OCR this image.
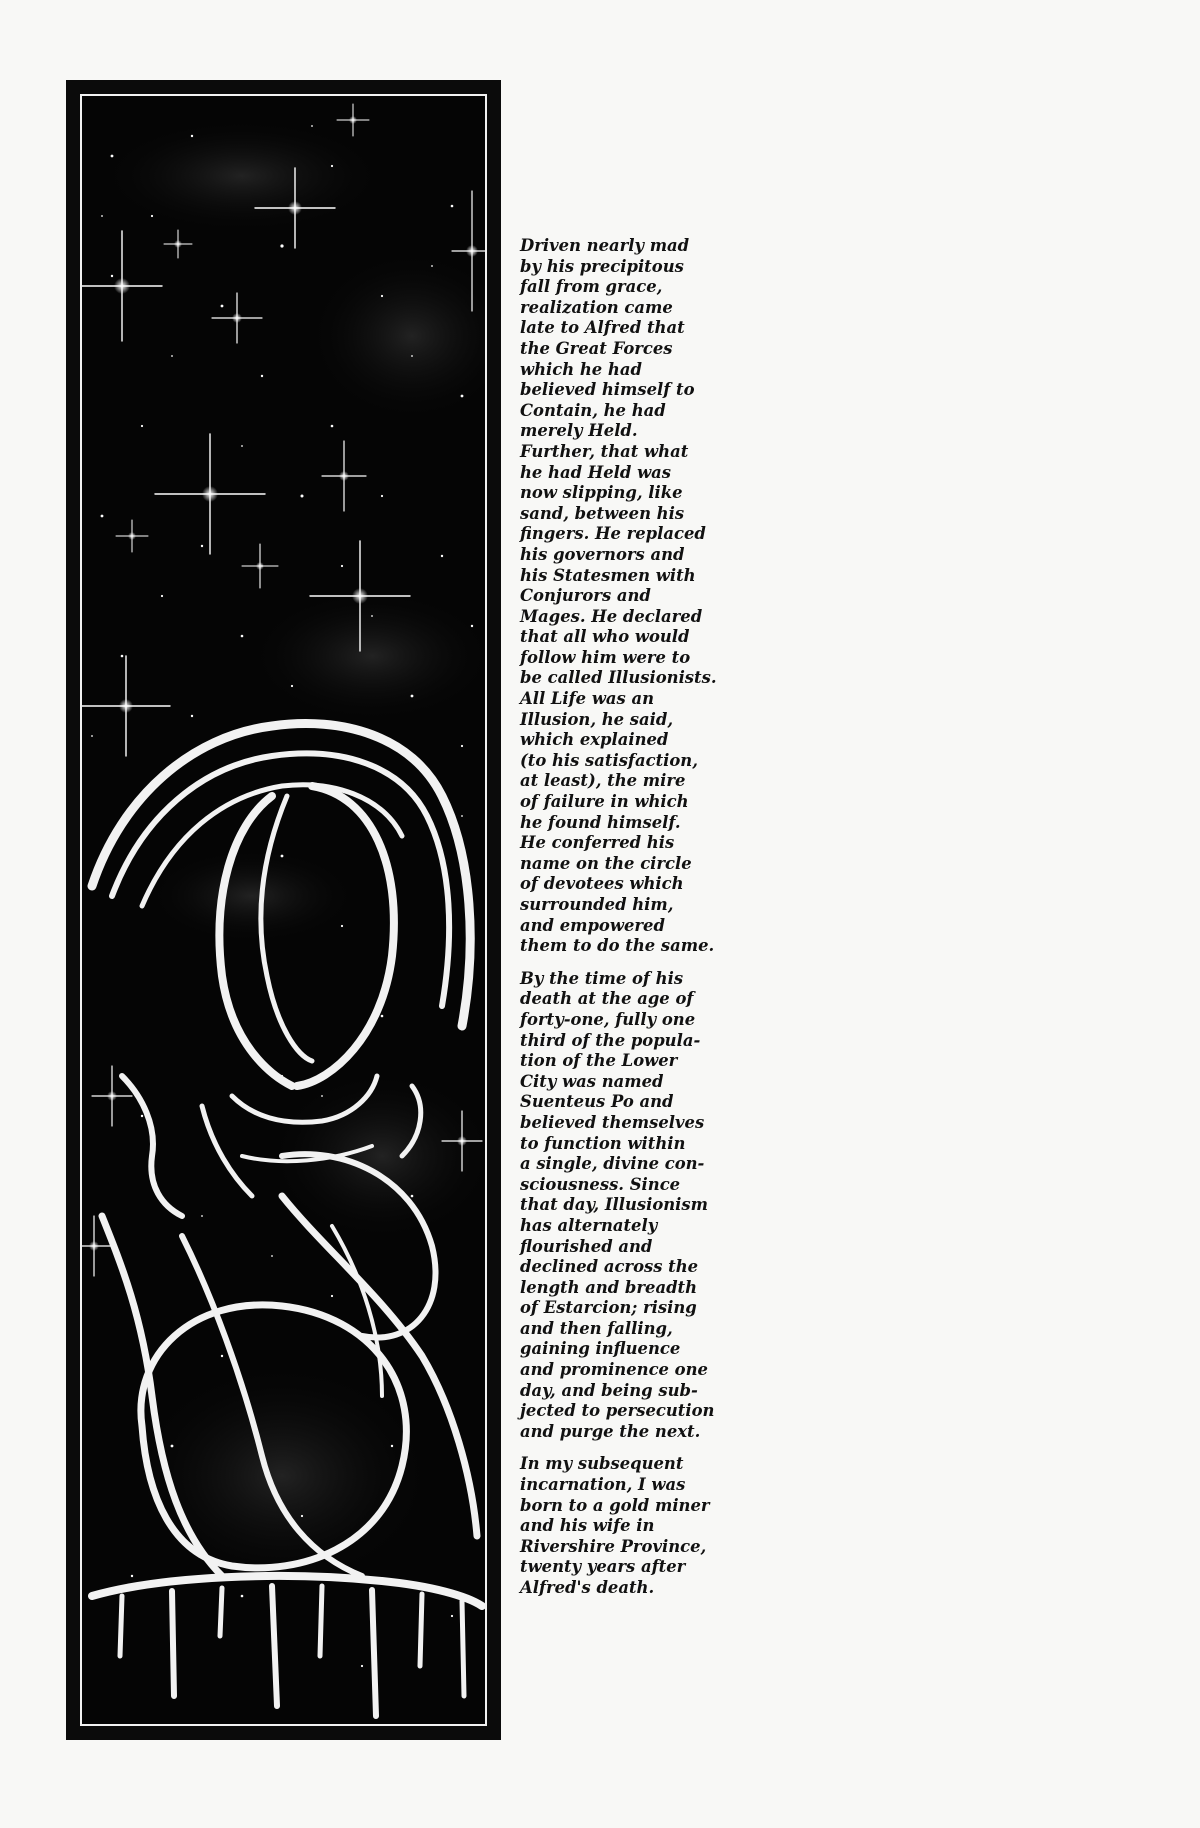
Driven nearly mad
by his precipitous
fall from grace,
realization came
late to Alfred that
the Great Forces
which he had
believed himself to
Contain, he had
merely Held.
Further, that what
he had Held was
now slipping, like
sand, between his
fingers. He replaced
his governors and
his Statesmen with
Conjurors and
Mages. He declared
that all who would
follow him were to
be called Illusionists.
All Life was an
Illusion, he said,
which explained
(to his satisfaction,
at least), the mire
of failure in which
he found himself.
He conferred his
name on the circle
of devotees which
surrounded him,
and empowered
them to do the same.

By the time of his
death at the age of
forty-one, fully one
third of the popula-
tion of the Lower
City was named
Suenteus Po and
believed themselves
to function within
a single, divine con-
sciousness. Since
that day, Illusionism
has alternately
flourished and
declined across the
length and breadth
of Estarcion; rising
and then falling,
gaining influence
and prominence one
day, and being sub-
jected to persecution
and purge the next.

In my subsequent
incarnation, I was
born to a gold miner
and his wife in
Rivershire Province,
twenty years after
Alfred's death.
